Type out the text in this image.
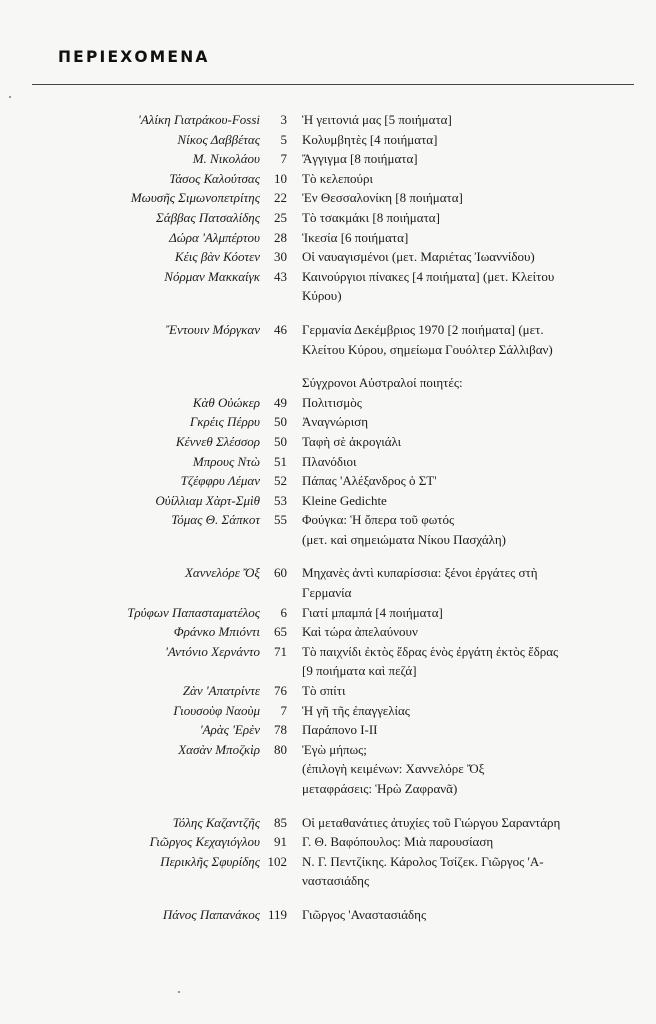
ΠΕΡΙΕΧΟΜΕΝΑ
'Αλίκη Γιατράκου-Fossi	3 Ἡ γειτονιά μας [5 ποιήματα]
Νίκος Δαββέτας	5 Κολυμβητὲς [4 ποιήματα]
Μ. Νικολάου	7 Ἄγγιγμα [8 ποιήματα]
Τάσος Καλούτσας	10 Τὸ κελεπούρι
Μωυσῆς Σιμωνοπετρίτης	22 Ἐν Θεσσαλονίκη [8 ποιήματα]
Σάββας Πατσαλίδης	25 Τὸ τσακμάκι [8 ποιήματα]
Δώρα 'Αλμπέρτου	28 Ἱκεσία [6 ποιήματα]
Κέις βὰν Κόοτεν	30 Οἱ ναυαγισμένοι (μετ. Μαριέτας Ἰωαννίδου)
Νόρμαν Μακκαίγκ	43 Καινούργιοι πίνακες [4 ποιήματα] (μετ. Κλείτου
Κύρου)
Ἔντουιν Μόργκαν	46 Γερμανία Δεκέμβριος 1970 [2 ποιήματα] (μετ.
Κλείτου Κύρου, σημείωμα Γουόλτερ Σάλλιβαν)
Σύγχρονοι Αὐστραλοί ποιητές:
Κὰθ Οὐώκερ	49 Πολιτισμὸς
Γκρέις Πέρρυ	50 Ἀναγνώριση
Κέννεθ Σλέσσορ	50 Ταφὴ σὲ ἀκρογιάλι
Μπρους Ντὼ	51 Πλανόδιοι
Τζέφφρυ Λέμαν	52 Πάπας 'Αλέξανδρος ὁ ΣΤ'
Οὐίλλιαμ Χὰρτ-Σμὶθ	53 Kleine Gedichte
Τόμας Θ. Σάπκοτ	55 Φούγκα: Ἡ ὄπερα τοῦ φωτός
(μετ. καὶ σημειώματα Νίκου Πασχάλη)
Χαννελόρε Ὄξ	60 Μηχανὲς ἀντὶ κυπαρίσσια: ξένοι ἐργάτες στὴ
Γερμανία
Τρύφων Παπασταματέλος	6 Γιατί μπαμπά [4 ποιήματα]
Φράνκο Μπιόντι	65 Καὶ τώρα ἀπελαύνουν
'Αντόνιο Χερνάντο	71 Τὸ παιχνίδι ἐκτὸς ἕδρας ἑνὸς ἐργάτη ἐκτὸς ἕδρας
[9 ποιήματα καὶ πεζά]
Ζὰν 'Απατρίντε	76 Τὸ σπίτι
Γιουσοὺφ Ναοὺμ	7 Ἡ γῆ τῆς ἐπαγγελίας
'Αρὰς 'Ερὲν	78 Παράπονο Ι-ΙΙ
Χασὰν Μποζκὶρ	80 Ἐγὼ μήπως;
(ἐπιλογὴ κειμένων: Χαννελόρε Ὄξ
μεταφράσεις: Ἡρὼ Ζαφρανᾶ)
Τόλης Καζαντζῆς	85 Οἱ μεταθανάτιες ἀτυχίες τοῦ Γιώργου Σαραντάρη
Γιῶργος Κεχαγιόγλου	91 Γ. Θ. Βαφόπουλος: Μιὰ παρουσίαση
Περικλῆς Σφυρίδης 102 Ν. Γ. Πεντζίκης. Κάρολος Τσίζεκ. Γιῶργος 'Α-
ναστασιάδης
Πάνος Παπανάκος 119 Γιῶργος 'Αναστασιάδης
